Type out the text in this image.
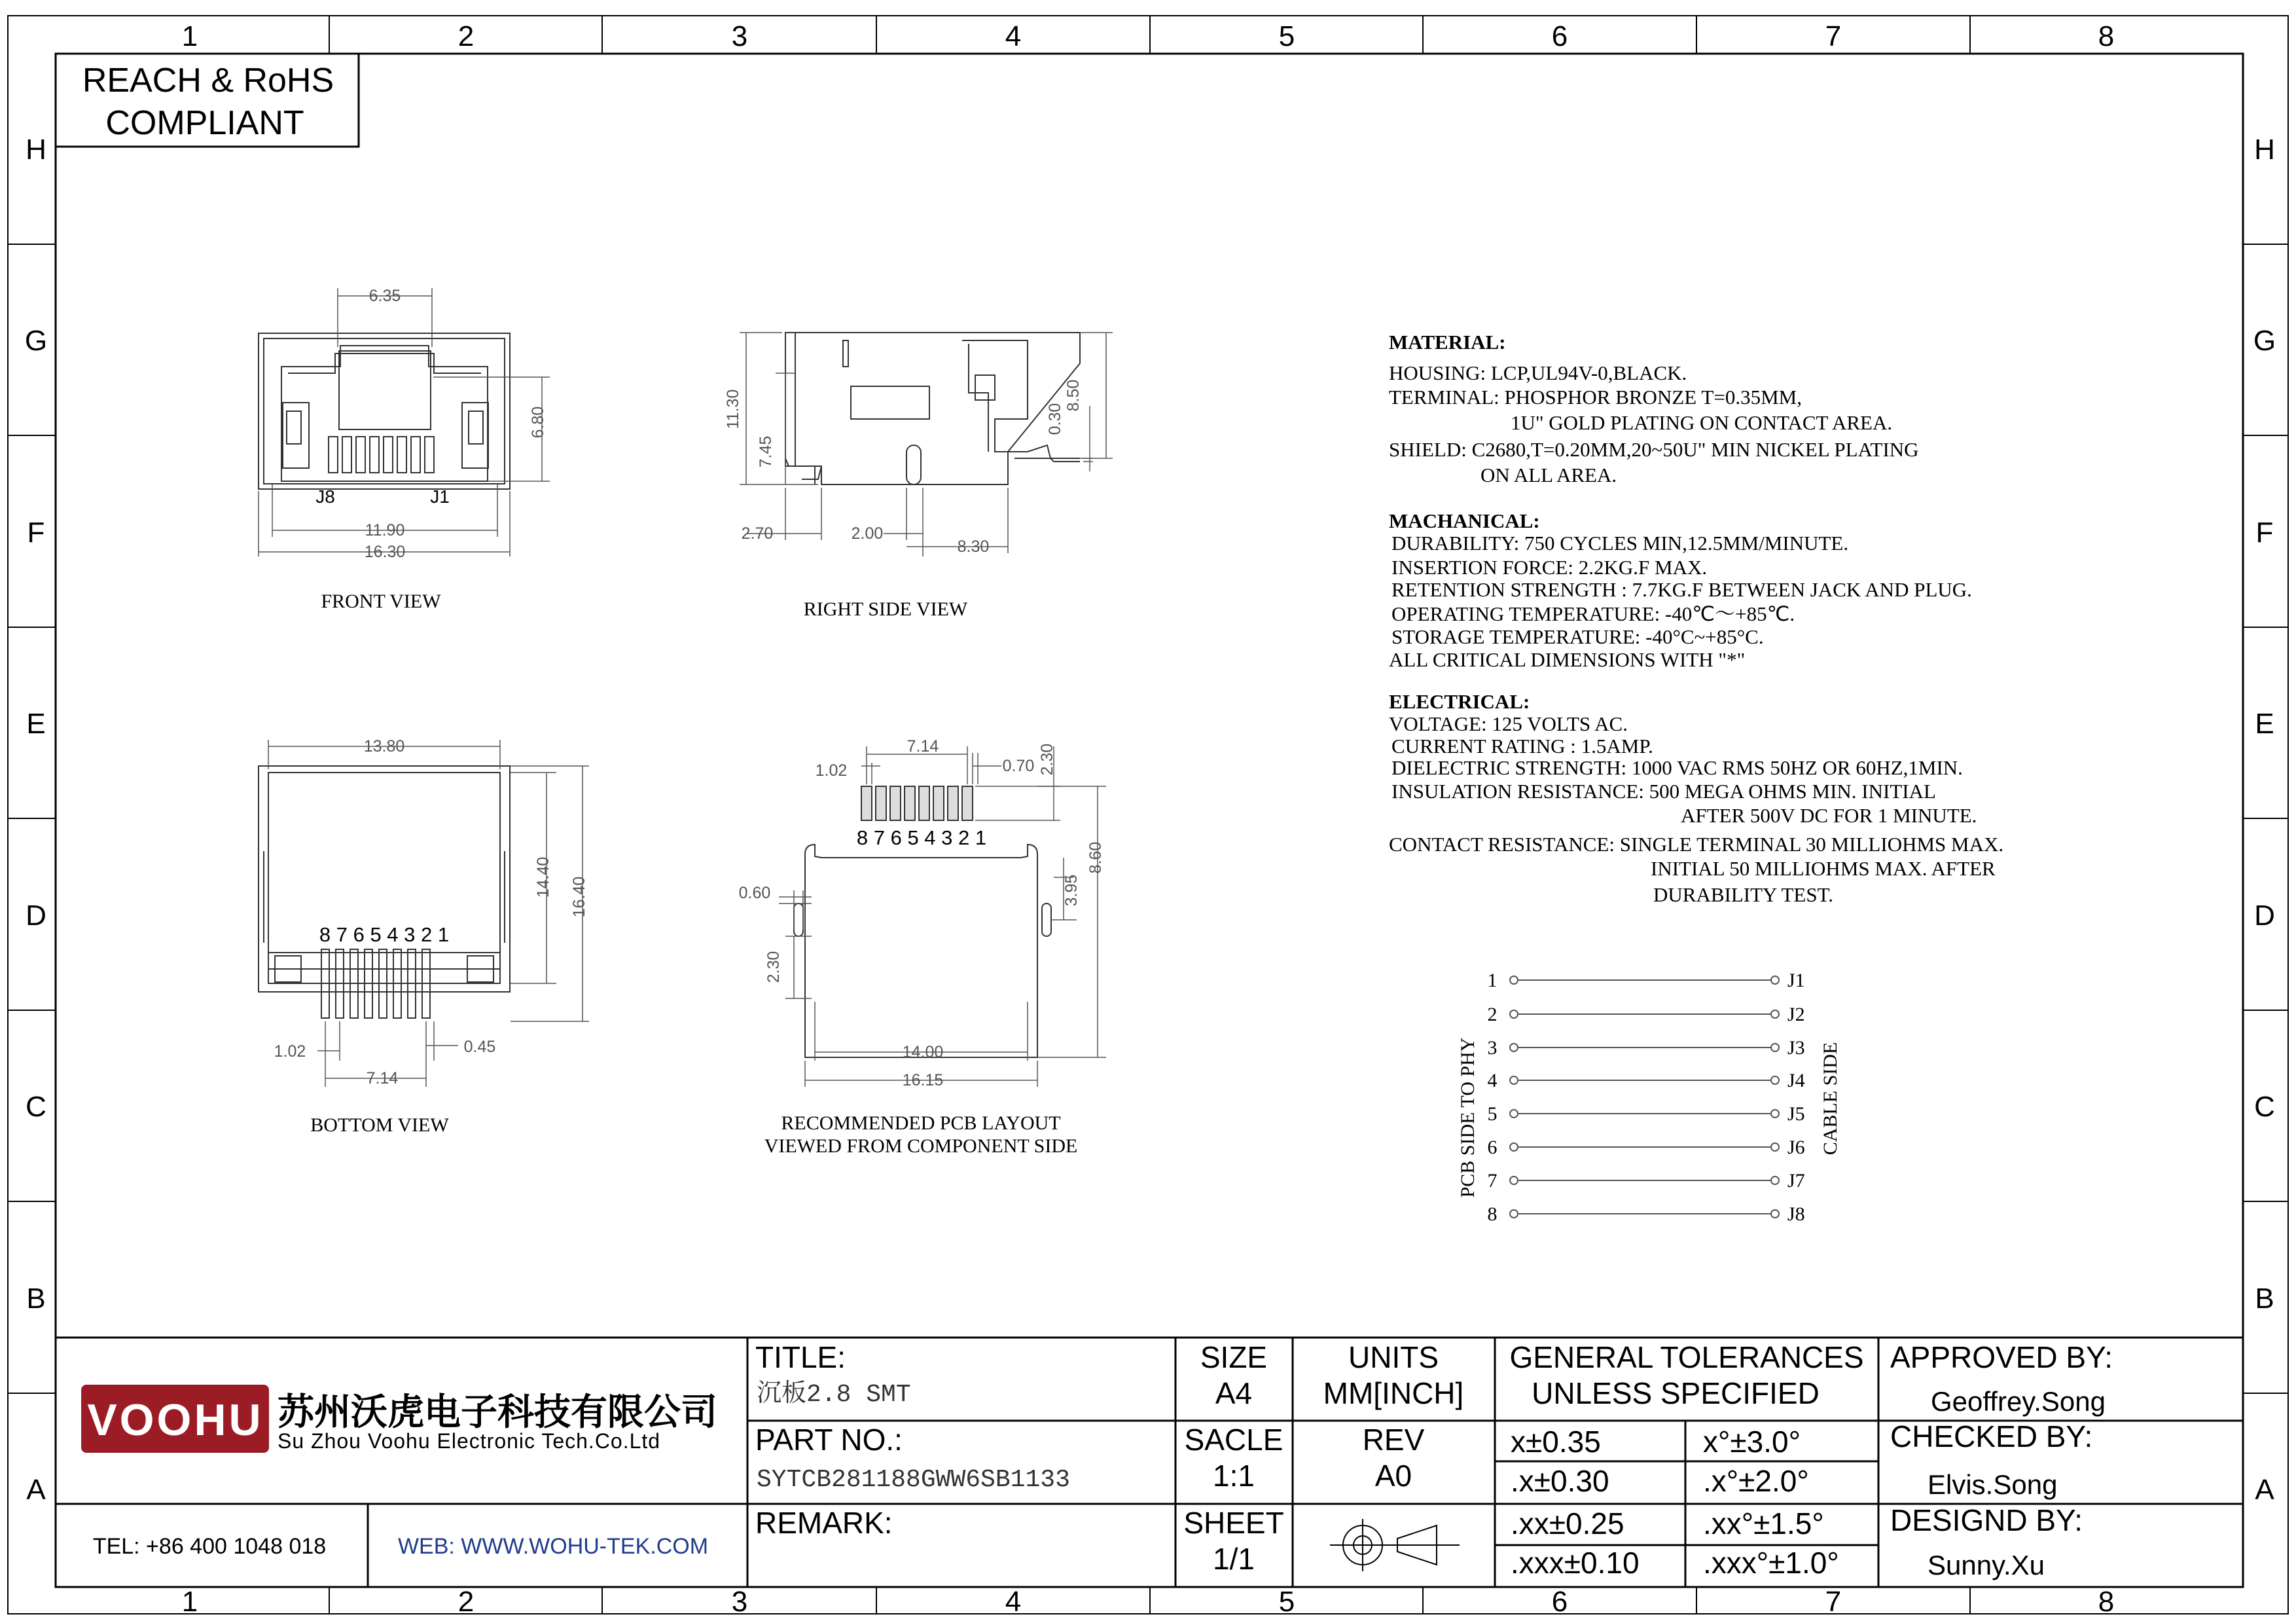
1	2	3	4	5	6	7	8
1	2	3	4	5	6	7	8
H
G
F
E
D
C
B
A
H
G
F
E
D
C
B
A
REACH & RoHS
COMPLIANT
6.35
6.80
11.90
16.30
J8	J1
FRONT VIEW
11.30
7.45
0.30
8.50
2.70	2.00
8.30
RIGHT SIDE VIEW
13.80
14.40 16.40
1.02	0.45
7.14
8 7 6 5 4 3 2 1
BOTTOM VIEW
7.14
1.02	0.70 2.30
8.60
3.95
0.60
2.30
14.00
16.15
8 7 6 5 4 3 2 1
RECOMMENDED PCB LAYOUT
VIEWED FROM COMPONENT SIDE
MATERIAL:
HOUSING: LCP,UL94V-0,BLACK.
TERMINAL: PHOSPHOR BRONZE T=0.35MM,
1U" GOLD PLATING ON CONTACT AREA.
SHIELD: C2680,T=0.20MM,20~50U" MIN NICKEL PLATING
ON ALL AREA.
MACHANICAL:
DURABILITY: 750 CYCLES MIN,12.5MM/MINUTE.
INSERTION FORCE: 2.2KG.F MAX.
RETENTION STRENGTH : 7.7KG.F BETWEEN JACK AND PLUG.
OPERATING TEMPERATURE: -40℃～+85℃.
STORAGE TEMPERATURE: -40°C~+85°C.
ALL CRITICAL DIMENSIONS WITH "*"
ELECTRICAL:
VOLTAGE: 125 VOLTS AC.
CURRENT RATING : 1.5AMP.
DIELECTRIC STRENGTH: 1000 VAC RMS 50HZ OR 60HZ,1MIN.
INSULATION RESISTANCE: 500 MEGA OHMS MIN. INITIAL
AFTER 500V DC FOR 1 MINUTE.
CONTACT RESISTANCE: SINGLE TERMINAL 30 MILLIOHMS MAX.
INITIAL 50 MILLIOHMS MAX. AFTER
DURABILITY TEST.
1
2
3
4
5
6
7
8
J1
J2
J3
J4
J5
J6
J7
J8
PCB SIDE TO PHY	CABLE SIDE
VOOHU 苏州沃虎电子科技有限公司
Su Zhou Voohu Electronic Tech.Co.Ltd
TEL: +86 400 1048 018	WEB: WWW.WOHU-TEK.COM
TITLE:
沉板2.8 SMT
PART NO.:
SYTCB281188GWW6SB1133
REMARK:
SIZE
A4
UNITS
MM[INCH]
SACLE
1:1
REV
A0
SHEET
1/1
GENERAL TOLERANCES
UNLESS SPECIFIED
x±0.35	x°±3.0°
.x±0.30	.x°±2.0°
.xx±0.25	.xx°±1.5°
.xxx±0.10 .xxx°±1.0°
APPROVED BY:
Geoffrey.Song
CHECKED BY:
Elvis.Song
DESIGND BY:
Sunny.Xu
